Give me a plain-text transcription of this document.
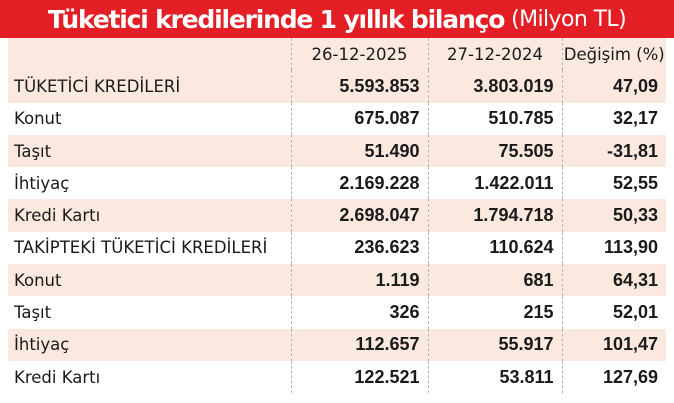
Tüketici kredilerinde 1 yıllık bilanço (Milyon TL)
	26-12-2025	27-12-2024	Değişim (%)
TÜKETİCİ KREDİLERİ	5.593.853	3.803.019	47,09
Konut	675.087	510.785	32,17
Taşıt	51.490	75.505	-31,81
İhtiyaç	2.169.228	1.422.011	52,55
Kredi Kartı	2.698.047	1.794.718	50,33
TAKİPTEKİ TÜKETİCİ KREDİLERİ	236.623	110.624	113,90
Konut	1.119	681	64,31
Taşıt	326	215	52,01
İhtiyaç	112.657	55.917	101,47
Kredi Kartı	122.521	53.811	127,69
